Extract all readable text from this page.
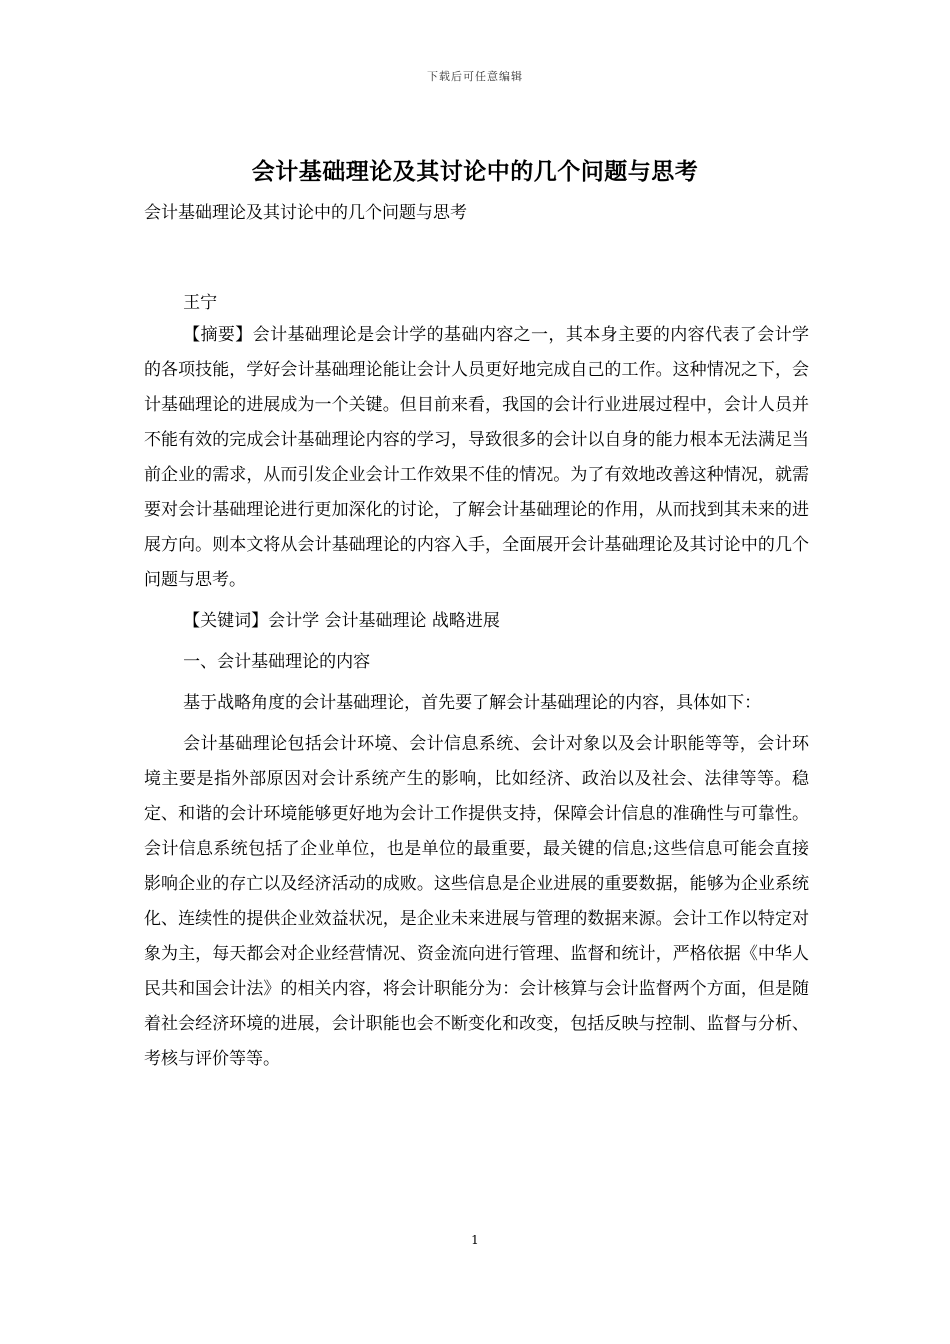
下载后可任意编辑
会计基础理论及其讨论中的几个问题与思考

会计基础理论及其讨论中的几个问题与思考

王宁

【摘要】会计基础理论是会计学的基础内容之一，其本身主要的内容代表了会计学的各项技能，学好会计基础理论能让会计人员更好地完成自己的工作。这种情况之下，会计基础理论的进展成为一个关键。但目前来看，我国的会计行业进展过程中，会计人员并不能有效的完成会计基础理论内容的学习，导致很多的会计以自身的能力根本无法满足当前企业的需求，从而引发企业会计工作效果不佳的情况。为了有效地改善这种情况，就需要对会计基础理论进行更加深化的讨论，了解会计基础理论的作用，从而找到其未来的进展方向。则本文将从会计基础理论的内容入手，全面展开会计基础理论及其讨论中的几个问题与思考。

【关键词】会计学 会计基础理论 战略进展

一、会计基础理论的内容

基于战略角度的会计基础理论，首先要了解会计基础理论的内容，具体如下：

会计基础理论包括会计环境、会计信息系统、会计对象以及会计职能等等，会计环境主要是指外部原因对会计系统产生的影响，比如经济、政治以及社会、法律等等。稳定、和谐的会计环境能够更好地为会计工作提供支持，保障会计信息的准确性与可靠性。会计信息系统包括了企业单位，也是单位的最重要，最关键的信息;这些信息可能会直接影响企业的存亡以及经济活动的成败。这些信息是企业进展的重要数据，能够为企业系统化、连续性的提供企业效益状况，是企业未来进展与管理的数据来源。会计工作以特定对象为主，每天都会对企业经营情况、资金流向进行管理、监督和统计，严格依据《中华人民共和国会计法》的相关内容，将会计职能分为：会计核算与会计监督两个方面，但是随着社会经济环境的进展，会计职能也会不断变化和改变，包括反映与控制、监督与分析、考核与评价等等。

1
